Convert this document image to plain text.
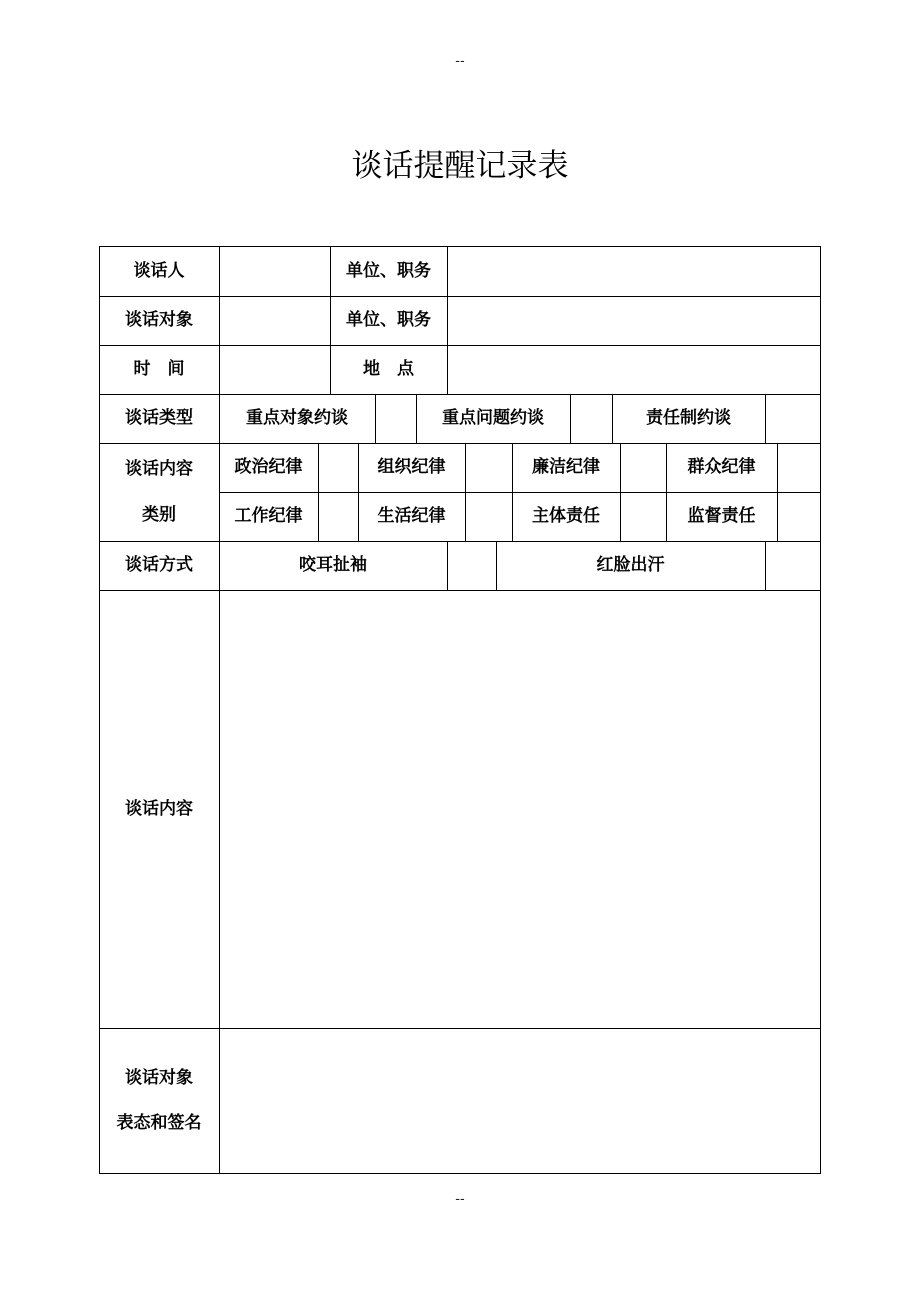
--
谈话提醒记录表
谈话人	单位、职务
谈话对象	单位、职务
时　间	地　点
谈话类型	重点对象约谈	重点问题约谈	责任制约谈
谈话内容
类别
政治纪律	组织纪律	廉洁纪律	群众纪律
工作纪律	生活纪律	主体责任	监督责任
谈话方式	咬耳扯袖	红脸出汗
谈话内容
谈话对象
表态和签名
--
